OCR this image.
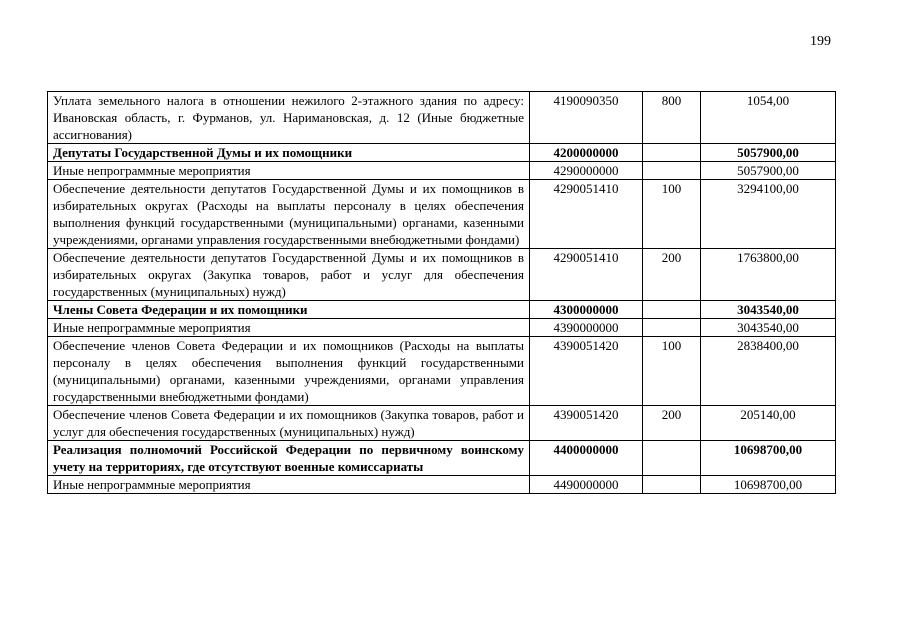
199
Уплата земельного налога в отношении нежилого 2-этажного здания по адресу: Ивановская область, г. Фурманов, ул. Наримановская, д. 12 (Иные бюджетные ассигнования)	4190090350	800	1054,00
Депутаты Государственной Думы и их помощники	4200000000		5057900,00
Иные непрограммные мероприятия	4290000000		5057900,00
Обеспечение деятельности депутатов Государственной Думы и их помощников в избирательных округах (Расходы на выплаты персоналу в целях обеспечения выполнения функций государственными (муниципальными) органами, казенными учреждениями, органами управления государственными внебюджетными фондами)	4290051410	100	3294100,00
Обеспечение деятельности депутатов Государственной Думы и их помощников в избирательных округах (Закупка товаров, работ и услуг для обеспечения государственных (муниципальных) нужд)	4290051410	200	1763800,00
Члены Совета Федерации и их помощники	4300000000		3043540,00
Иные непрограммные мероприятия	4390000000		3043540,00
Обеспечение членов Совета Федерации и их помощников (Расходы на выплаты персоналу в целях обеспечения выполнения функций государственными (муниципальными) органами, казенными учреждениями, органами управления государственными внебюджетными фондами)	4390051420	100	2838400,00
Обеспечение членов Совета Федерации и их помощников (Закупка товаров, работ и услуг для обеспечения государственных (муниципальных) нужд)	4390051420	200	205140,00
Реализация полномочий Российской Федерации по первичному воинскому учету на территориях, где отсутствуют военные комиссариаты	4400000000		10698700,00
Иные непрограммные мероприятия	4490000000		10698700,00
